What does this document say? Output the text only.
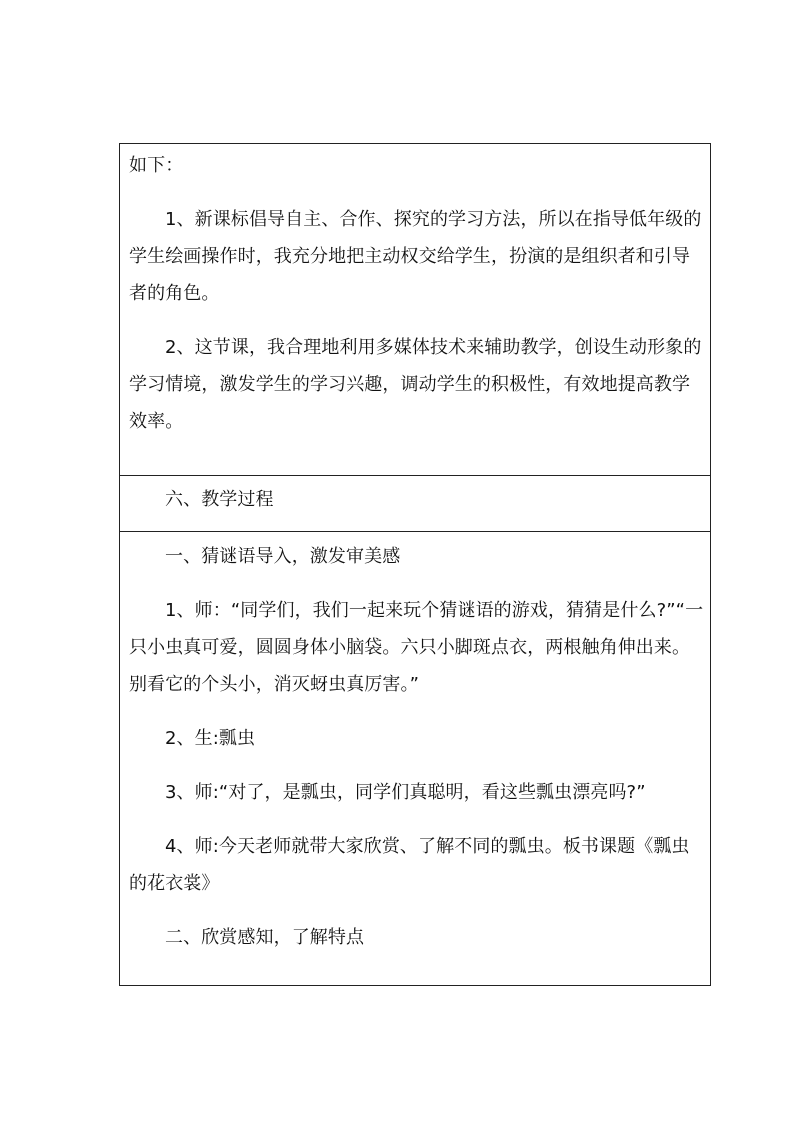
如下：

1、新课标倡导自主、合作、探究的学习方法，所以在指导低年级的学生绘画操作时，我充分地把主动权交给学生，扮演的是组织者和引导者的角色。

2、这节课，我合理地利用多媒体技术来辅助教学，创设生动形象的学习情境，激发学生的学习兴趣，调动学生的积极性，有效地提高教学效率。

六、教学过程

一、猜谜语导入，激发审美感

1、师：“同学们，我们一起来玩个猜谜语的游戏，猜猜是什么?”“一只小虫真可爱，圆圆身体小脑袋。六只小脚斑点衣，两根触角伸出来。别看它的个头小，消灭蚜虫真厉害。”

2、生:瓢虫

3、师:“对了，是瓢虫，同学们真聪明，看这些瓢虫漂亮吗?”

4、师:今天老师就带大家欣赏、了解不同的瓢虫。板书课题《瓢虫的花衣裳》

二、欣赏感知，了解特点
